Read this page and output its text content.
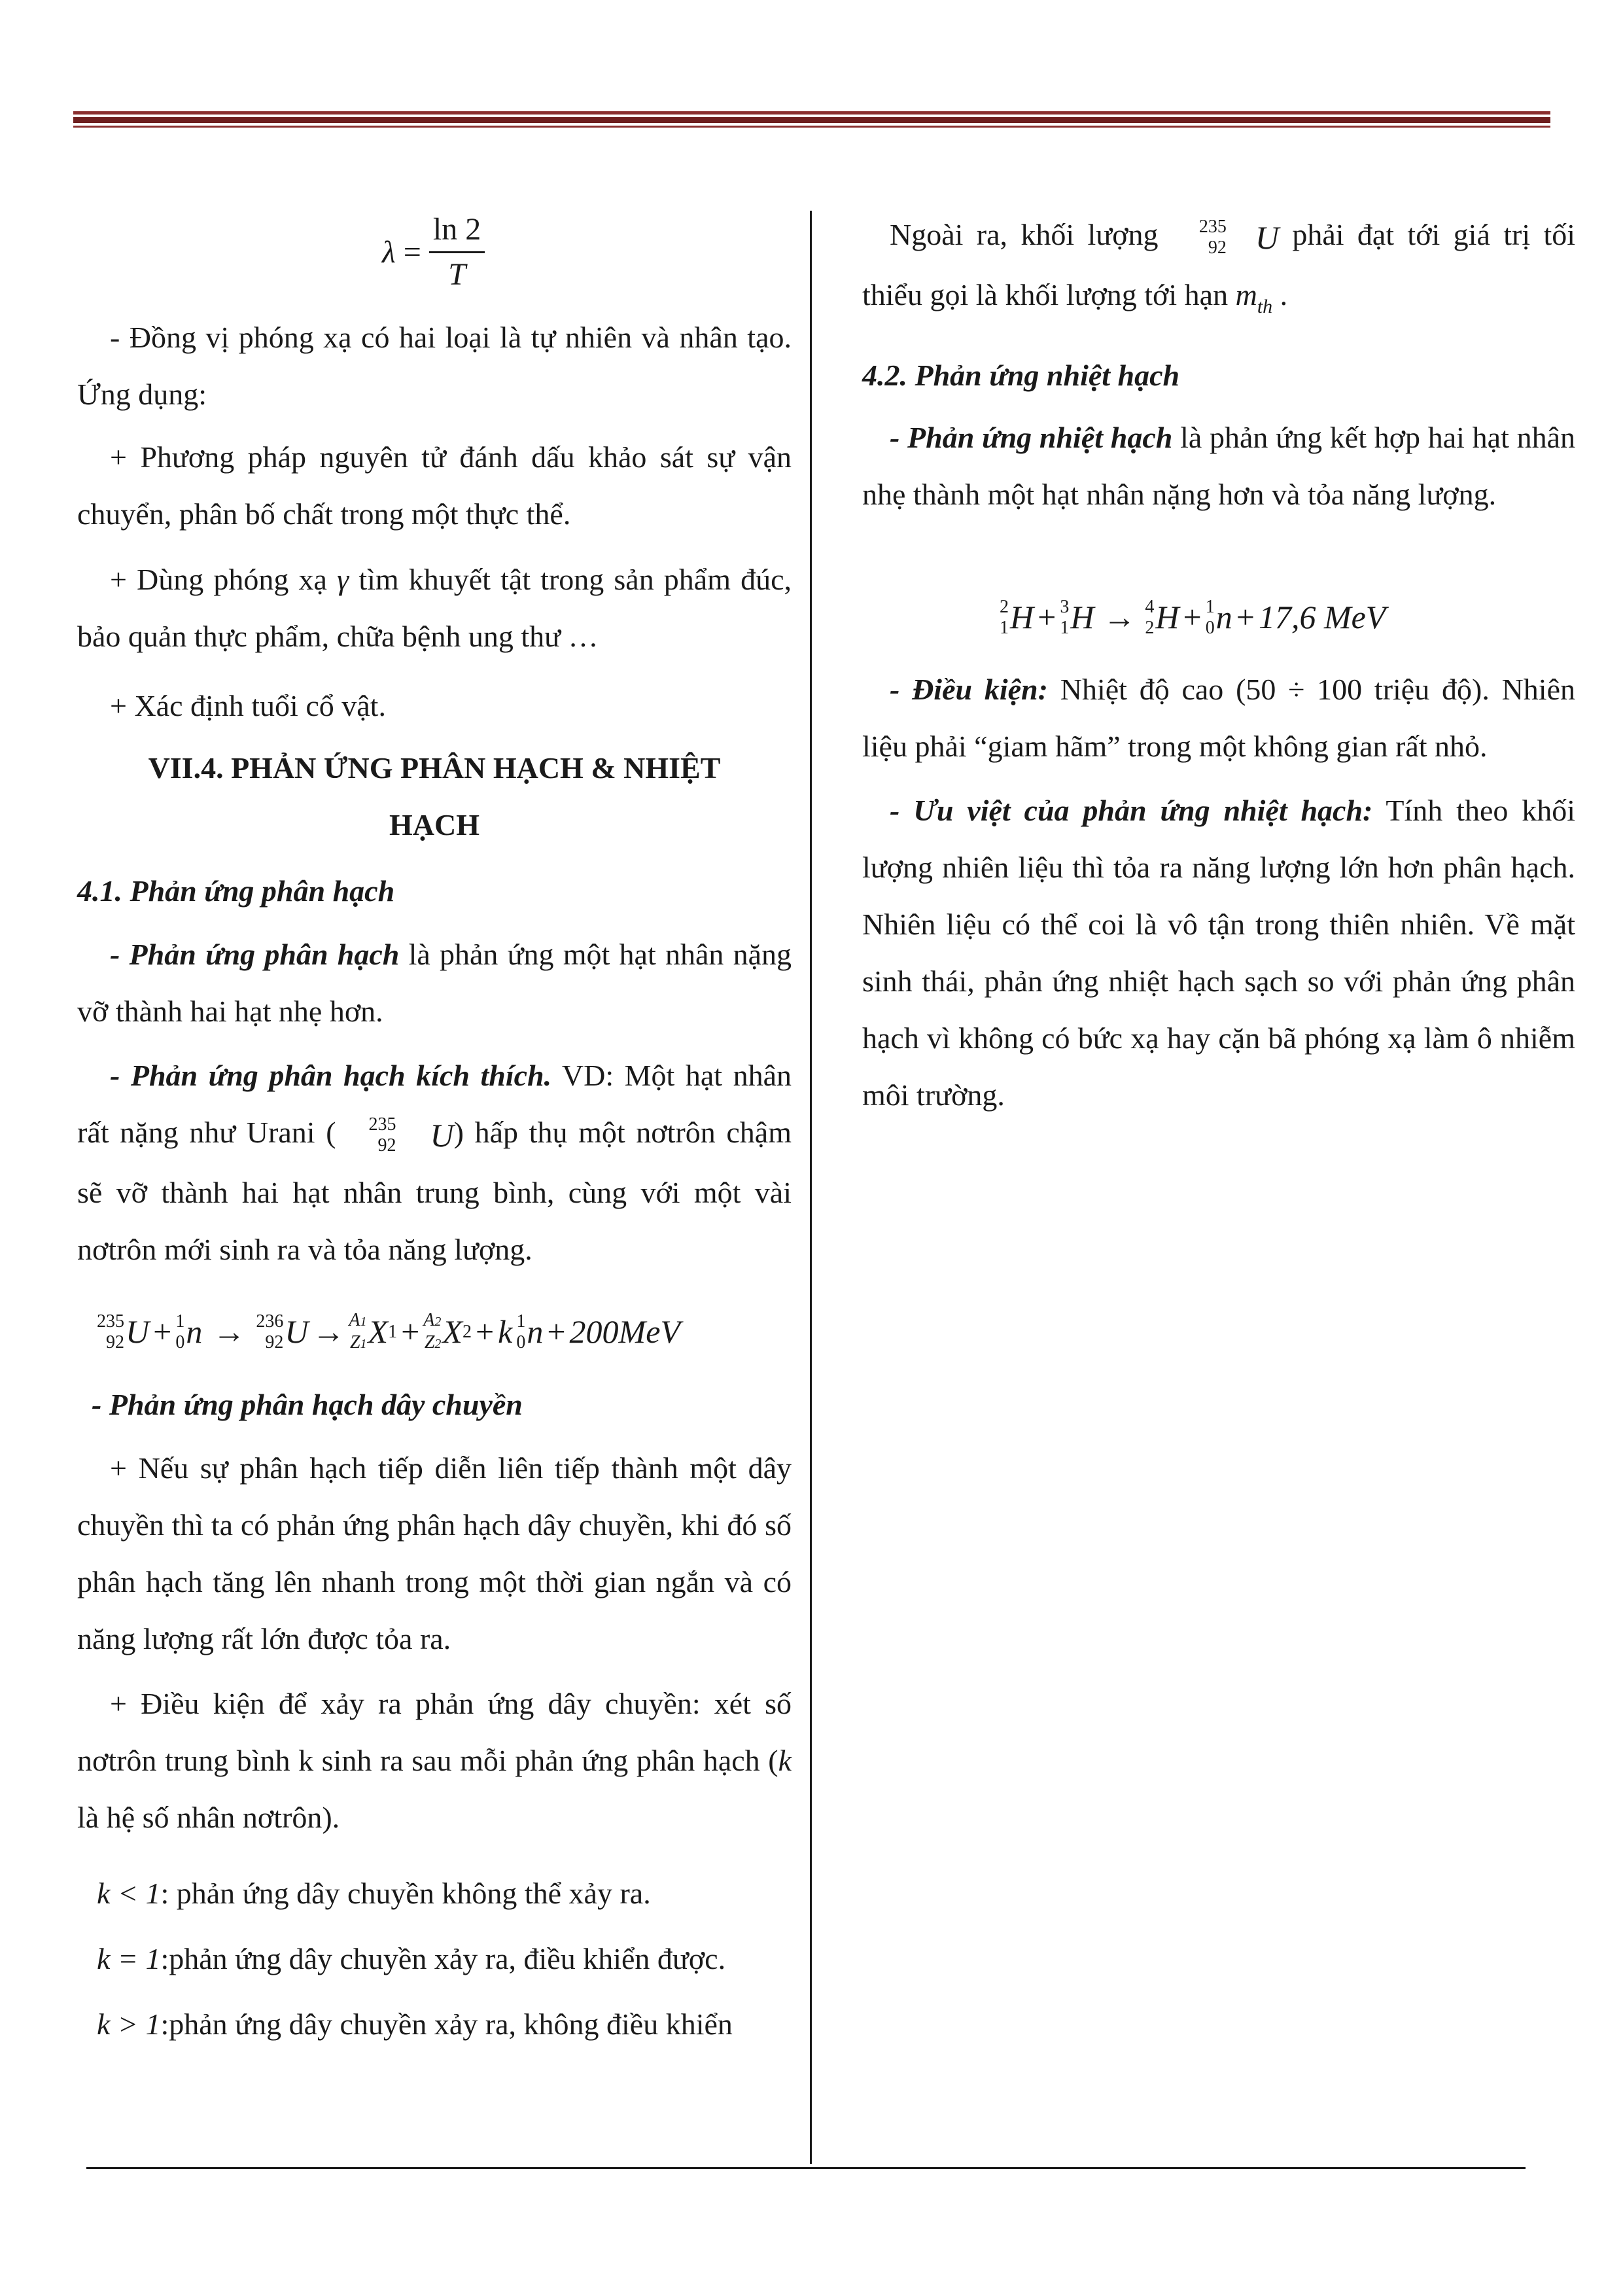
$\lambda = \frac{\ln 2}{T}$

- Đồng vị phóng xạ có hai loại là tự nhiên và nhân tạo. Ứng dụng:

+ Phương pháp nguyên tử đánh dấu khảo sát sự vận chuyển, phân bố chất trong một thực thể.

+ Dùng phóng xạ γ tìm khuyết tật trong sản phẩm đúc, bảo quản thực phẩm, chữa bệnh ung thư …

+ Xác định tuổi cổ vật.

VII.4. PHẢN ỨNG PHÂN HẠCH & NHIỆT HẠCH

4.1. Phản ứng phân hạch

- Phản ứng phân hạch là phản ứng một hạt nhân nặng vỡ thành hai hạt nhẹ hơn.

- Phản ứng phân hạch kích thích. VD: Một hạt nhân rất nặng như Urani (	235
92	U ) hấp thụ một nơtrôn chậm sẽ vỡ thành hai hạt nhân trung bình, cùng với một vài nơtrôn mới sinh ra và tỏa năng lượng.

235
92 U + 1
0 n → 236
92 U → A1
Z1 X 1 + A2
Z2 X 2 + k 1
0 n + 200MeV

- Phản ứng phân hạch dây chuyền

+ Nếu sự phân hạch tiếp diễn liên tiếp thành một dây chuyền thì ta có phản ứng phân hạch dây chuyền, khi đó số phân hạch tăng lên nhanh trong một thời gian ngắn và có năng lượng rất lớn được tỏa ra.

+ Điều kiện để xảy ra phản ứng dây chuyền: xét số nơtrôn trung bình k sinh ra sau mỗi phản ứng phân hạch (k là hệ số nhân nơtrôn).

k < 1: phản ứng dây chuyền không thể xảy ra.

k = 1:phản ứng dây chuyền xảy ra, điều khiển được.

k > 1:phản ứng dây chuyền xảy ra, không điều khiển

Ngoài ra, khối lượng	235
92 U phải đạt tới giá trị tối thiểu gọi là khối lượng tới hạn $m_{th}$ .

4.2. Phản ứng nhiệt hạch

- Phản ứng nhiệt hạch là phản ứng kết hợp hai hạt nhân nhẹ thành một hạt nhân nặng hơn và tỏa năng lượng.

2
1 H + 3
1 H → 4
2 H + 1
0 n + 17,6 MeV

- Điều kiện: Nhiệt độ cao (50 ÷ 100 triệu độ). Nhiên liệu phải “giam hãm” trong một không gian rất nhỏ.

- Ưu việt của phản ứng nhiệt hạch: Tính theo khối lượng nhiên liệu thì tỏa ra năng lượng lớn hơn phân hạch. Nhiên liệu có thể coi là vô tận trong thiên nhiên. Về mặt sinh thái, phản ứng nhiệt hạch sạch so với phản ứng phân hạch vì không có bức xạ hay cặn bã phóng xạ làm ô nhiễm môi trường.
